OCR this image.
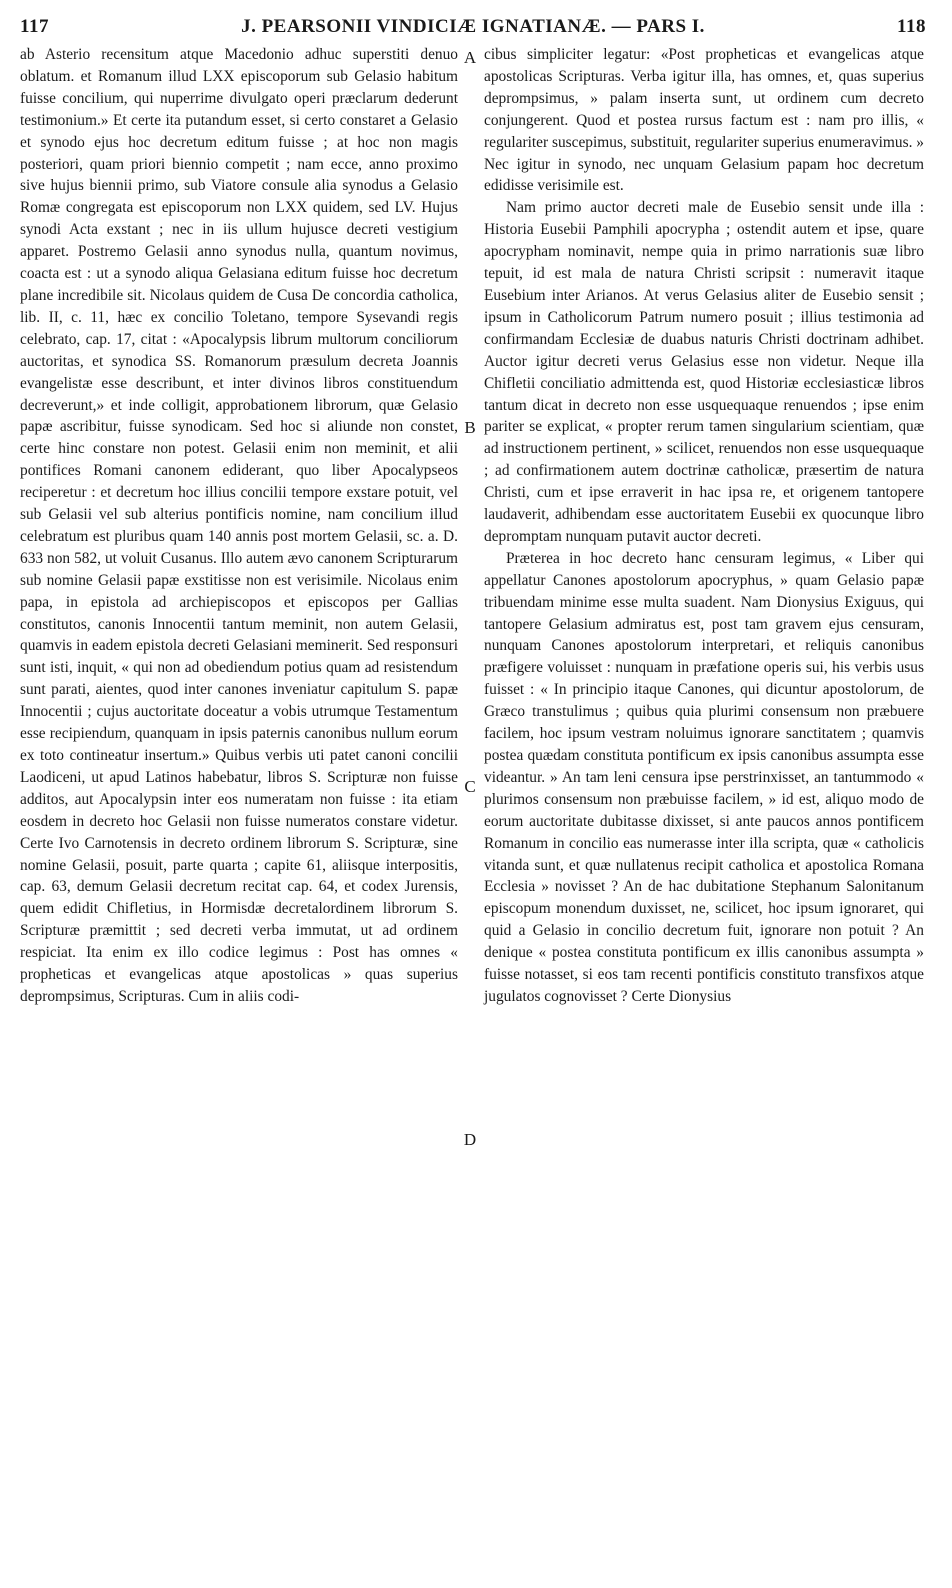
117	J. PEARSONII VINDICIÆ IGNATIANÆ. — PARS I.	118

ab Asterio recensitum atque Macedonio adhuc superstiti denuo oblatum. et Romanum illud LXX episcoporum sub Gelasio habitum fuisse concilium, qui nuperrime divulgato operi præclarum dederunt testimonium.» Et certe ita putandum esset, si certo constaret a Gelasio et synodo ejus hoc decretum editum fuisse ; at hoc non magis posteriori, quam priori biennio competit ; nam ecce, anno proximo sive hujus biennii primo, sub Viatore consule alia synodus a Gelasio Romæ congregata est episcoporum non LXX quidem, sed LV. Hujus synodi Acta exstant ; nec in iis ullum hujusce decreti vestigium apparet. Postremo Gelasii anno synodus nulla, quantum novimus, coacta est : ut a synodo aliqua Gelasiana editum fuisse hoc decretum plane incredibile sit. Nicolaus quidem de Cusa De concordia catholica, lib. II, c. 11, hæc ex concilio Toletano, tempore Sysevandi regis celebrato, cap. 17, citat : «Apocalypsis librum multorum conciliorum auctoritas, et synodica SS. Romanorum præsulum decreta Joannis evangelistæ esse describunt, et inter divinos libros constituendum decreverunt,» et inde colligit, approbationem librorum, quæ Gelasio papæ ascribitur, fuisse synodicam. Sed hoc si aliunde non constet, certe hinc constare non potest. Gelasii enim non meminit, et alii pontifices Romani canonem ediderant, quo liber Apocalypseos reciperetur : et decretum hoc illius concilii tempore exstare potuit, vel sub Gelasii vel sub alterius pontificis nomine, nam concilium illud celebratum est pluribus quam 140 annis post mortem Gelasii, sc. a. D. 633 non 582, ut voluit Cusanus. Illo autem ævo canonem Scripturarum sub nomine Gelasii papæ exstitisse non est verisimile. Nicolaus enim papa, in epistola ad archiepiscopos et episcopos per Gallias constitutos, canonis Innocentii tantum meminit, non autem Gelasii, quamvis in eadem epistola decreti Gelasiani meminerit. Sed responsuri sunt isti, inquit, « qui non ad obediendum potius quam ad resistendum sunt parati, aientes, quod inter canones inveniatur capitulum S. papæ Innocentii ; cujus auctoritate doceatur a vobis utrumque Testamentum esse recipiendum, quanquam in ipsis paternis canonibus nullum eorum ex toto contineatur insertum.» Quibus verbis uti patet canoni concilii Laodiceni, ut apud Latinos habebatur, libros S. Scripturæ non fuisse additos, aut Apocalypsin inter eos numeratam non fuisse : ita etiam eosdem in decreto hoc Gelasii non fuisse numeratos constare videtur. Certe Ivo Carnotensis in decreto ordinem librorum S. Scripturæ, sine nomine Gelasii, posuit, parte quarta ; capite 61, aliisque interpositis, cap. 63, demum Gelasii decretum recitat cap. 64, et codex Jurensis, quem edidit Chifletius, in Hormisdæ decretalordinem librorum S. Scripturæ præmittit ; sed decreti verba immutat, ut ad ordinem respiciat. Ita enim ex illo codice legimus : Post has omnes « propheticas et evangelicas atque apostolicas » quas superius deprompsimus, Scripturas. Cum in aliis codi-

A
B
C
D

cibus simpliciter legatur: «Post propheticas et evangelicas atque apostolicas Scripturas. Verba igitur illa, has omnes, et, quas superius deprompsimus, » palam inserta sunt, ut ordinem cum decreto conjungerent. Quod et postea rursus factum est : nam pro illis, « regulariter suscepimus, substituit, regulariter superius enumeravimus. » Nec igitur in synodo, nec unquam Gelasium papam hoc decretum edidisse verisimile est.

Nam primo auctor decreti male de Eusebio sensit unde illa : Historia Eusebii Pamphili apocrypha ; ostendit autem et ipse, quare apocrypham nominavit, nempe quia in primo narrationis suæ libro tepuit, id est mala de natura Christi scripsit : numeravit itaque Eusebium inter Arianos. At verus Gelasius aliter de Eusebio sensit ; ipsum in Catholicorum Patrum numero posuit ; illius testimonia ad confirmandam Ecclesiæ de duabus naturis Christi doctrinam adhibet. Auctor igitur decreti verus Gelasius esse non videtur. Neque illa Chifletii conciliatio admittenda est, quod Historiæ ecclesiasticæ libros tantum dicat in decreto non esse usquequaque renuendos ; ipse enim pariter se explicat, « propter rerum tamen singularium scientiam, quæ ad instructionem pertinent, » scilicet, renuendos non esse usquequaque ; ad confirmationem autem doctrinæ catholicæ, præsertim de natura Christi, cum et ipse erraverit in hac ipsa re, et origenem tantopere laudaverit, adhibendam esse auctoritatem Eusebii ex quocunque libro depromptam nunquam putavit auctor decreti.

Præterea in hoc decreto hanc censuram legimus, « Liber qui appellatur Canones apostolorum apocryphus, » quam Gelasio papæ tribuendam minime esse multa suadent. Nam Dionysius Exiguus, qui tantopere Gelasium admiratus est, post tam gravem ejus censuram, nunquam Canones apostolorum interpretari, et reliquis canonibus præfigere voluisset : nunquam in præfatione operis sui, his verbis usus fuisset : « In principio itaque Canones, qui dicuntur apostolorum, de Græco transtulimus ; quibus quia plurimi consensum non præbuere facilem, hoc ipsum vestram noluimus ignorare sanctitatem ; quamvis postea quædam constituta pontificum ex ipsis canonibus assumpta esse videantur. » An tam leni censura ipse perstrinxisset, an tantummodo « plurimos consensum non præbuisse facilem, » id est, aliquo modo de eorum auctoritate dubitasse dixisset, si ante paucos annos pontificem Romanum in concilio eas numerasse inter illa scripta, quæ « catholicis vitanda sunt, et quæ nullatenus recipit catholica et apostolica Romana Ecclesia » novisset ? An de hac dubitatione Stephanum Salonitanum episcopum monendum duxisset, ne, scilicet, hoc ipsum ignoraret, qui quid a Gelasio in concilio decretum fuit, ignorare non potuit ? An denique « postea constituta pontificum ex illis canonibus assumpta » fuisse notasset, si eos tam recenti pontificis constituto transfixos atque jugulatos cognovisset ? Certe Dionysius
